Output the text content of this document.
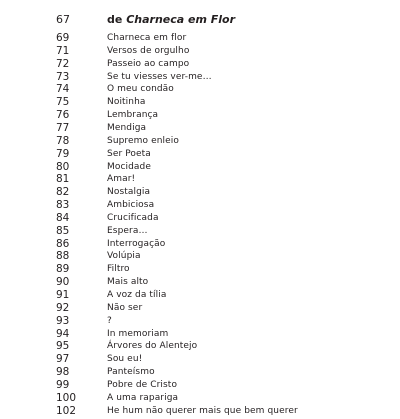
67	de Charneca em Flor
69	Charneca em flor
71	Versos de orgulho
72	Passeio ao campo
73	Se tu viesses ver-me…
74	O meu condão
75	Noitinha
76	Lembrança
77	Mendiga
78	Supremo enleio
79	Ser Poeta
80	Mocidade
81	Amar!
82	Nostalgia
83	Ambiciosa
84	Crucificada
85	Espera…
86	Interrogação
88	Volúpia
89	Filtro
90	Mais alto
91	A voz da tília
92	Não ser
93	?
94	In memoriam
95	Árvores do Alentejo
97	Sou eu!
98	Panteísmo
99	Pobre de Cristo
100	A uma rapariga
102	He hum não querer mais que bem querer
